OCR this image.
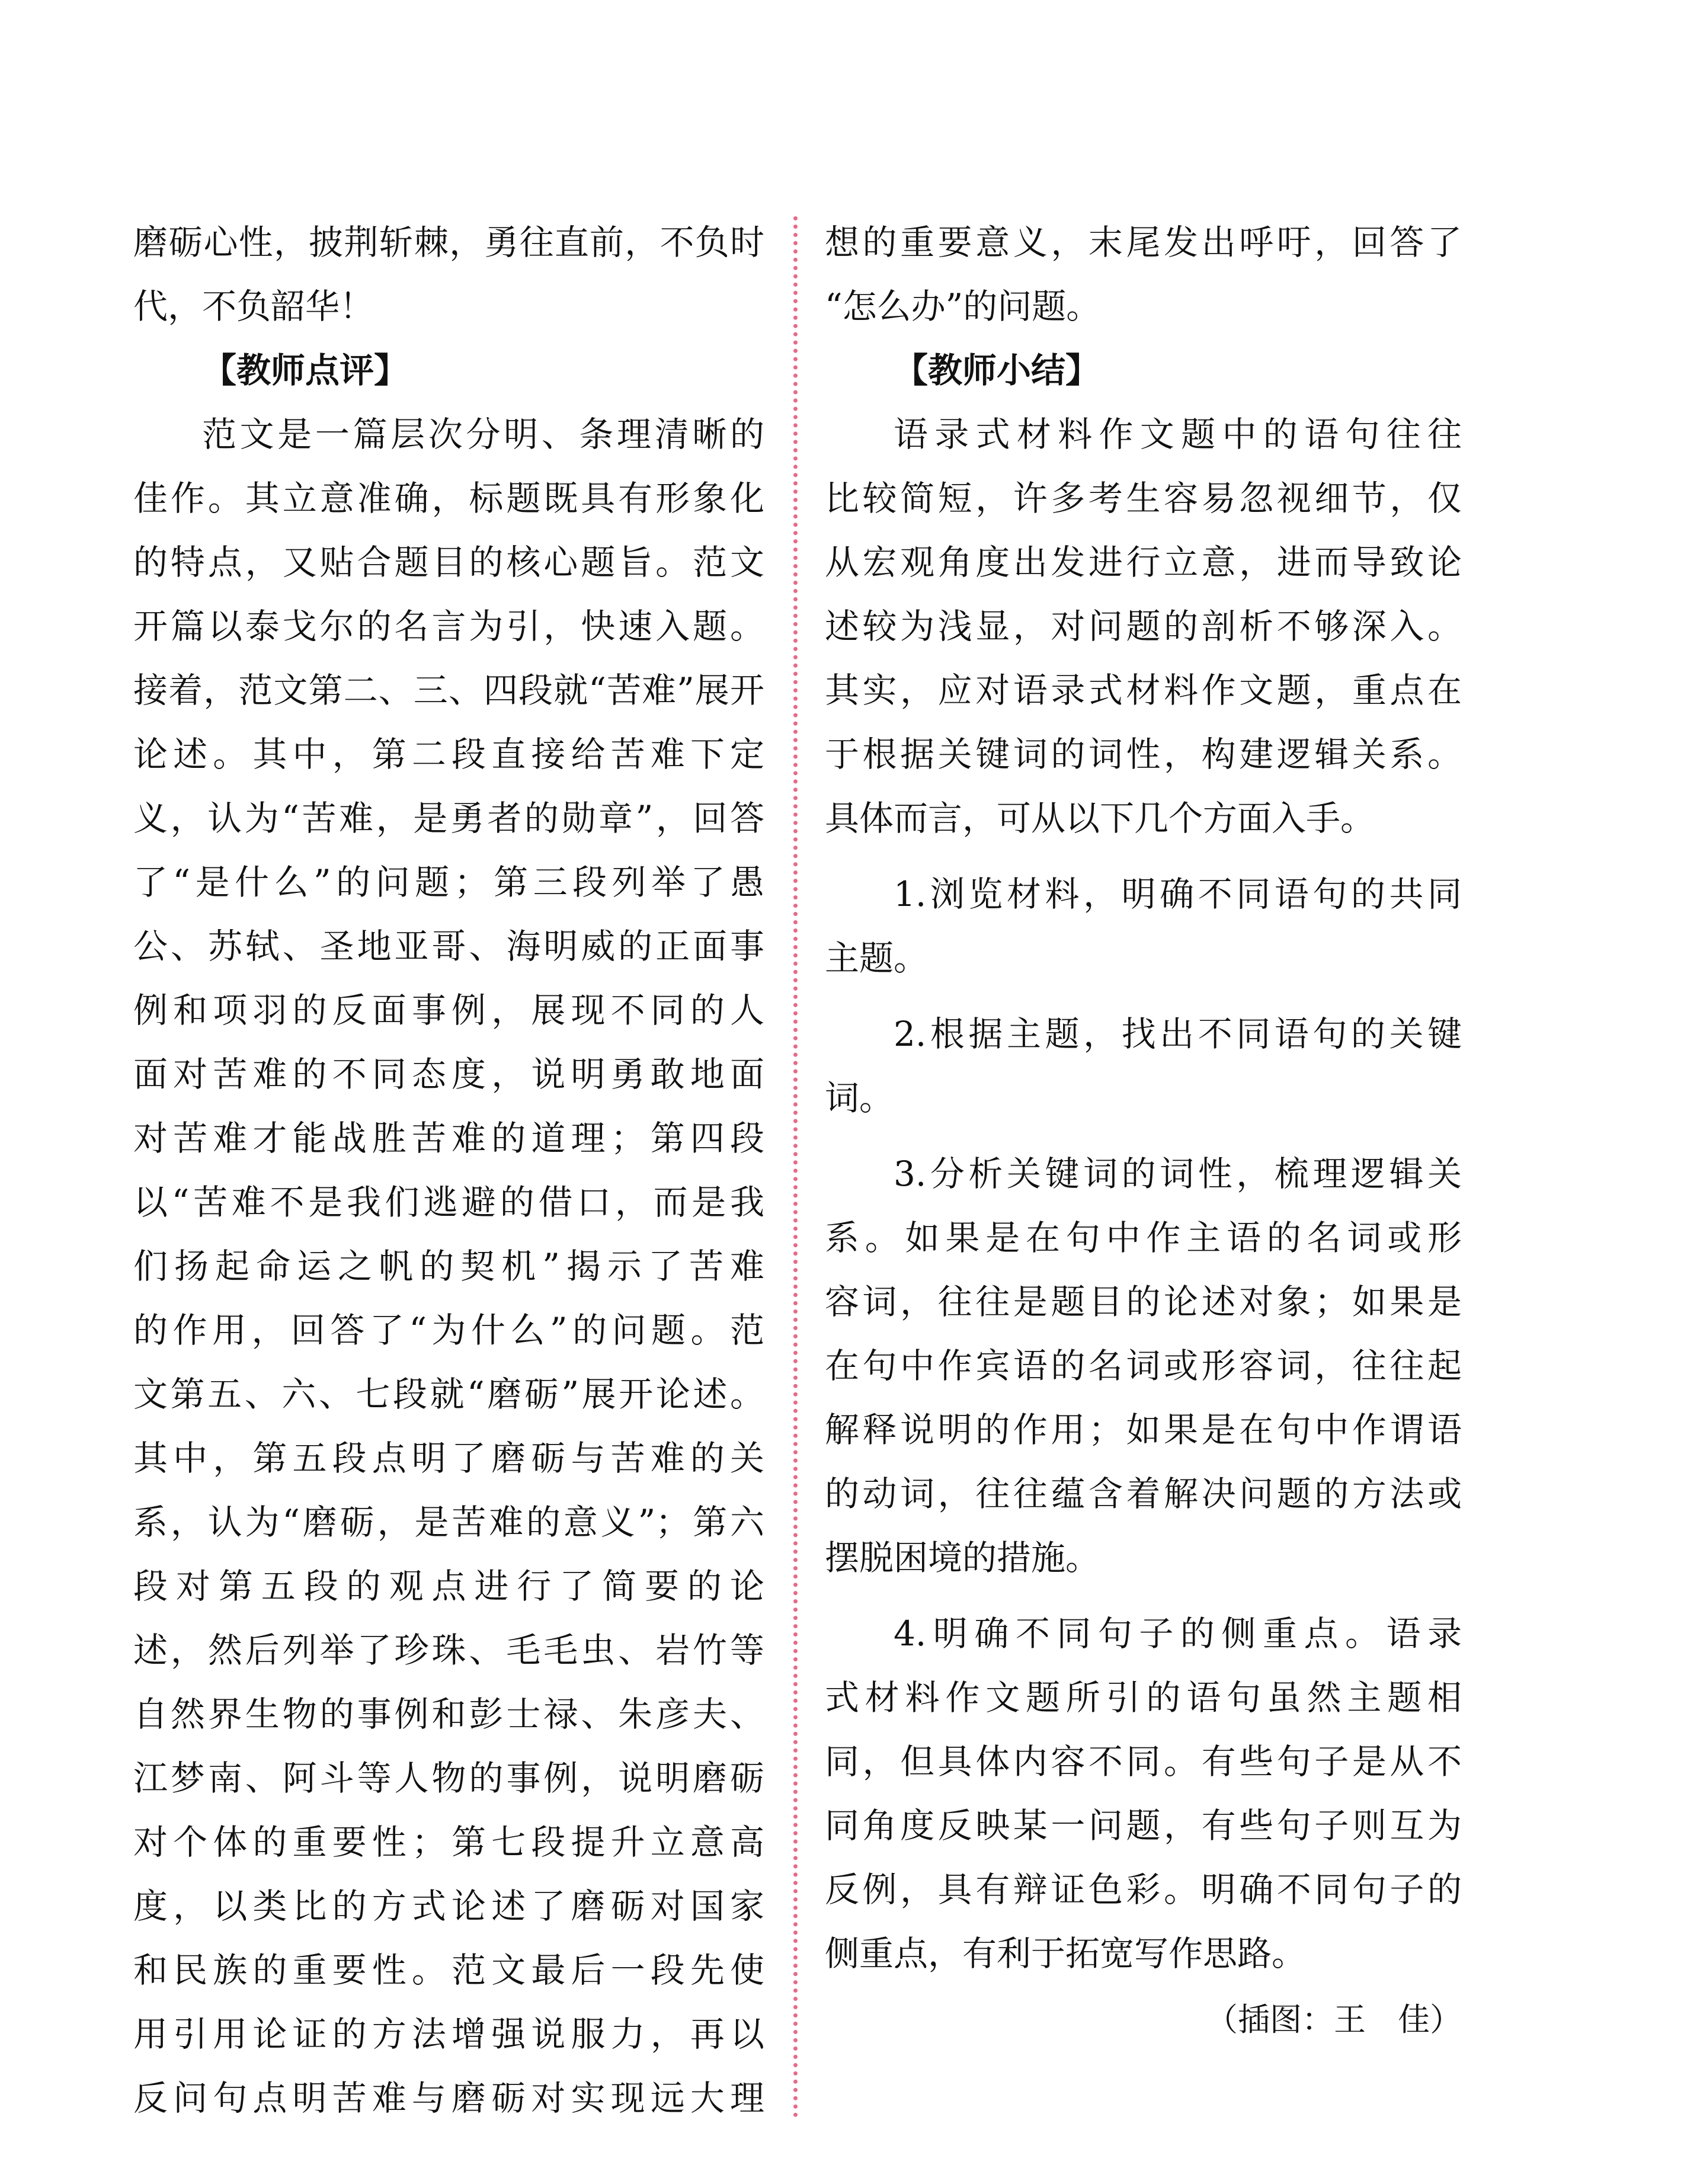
磨砺心性，披荆斩棘，勇往直前，不负时
代，不负韶华！
【教师点评】
范文是一篇层次分明、条理清晰的
佳作。其立意准确，标题既具有形象化
的特点，又贴合题目的核心题旨。范文
开篇以泰戈尔的名言为引，快速入题。
接着，范文第二、三、四段就“苦难”展开
论述。其中，第二段直接给苦难下定
义，认为“苦难，是勇者的勋章”，回答
了“是什么”的问题；第三段列举了愚
公、苏轼、圣地亚哥、海明威的正面事
例和项羽的反面事例，展现不同的人
面对苦难的不同态度，说明勇敢地面
对苦难才能战胜苦难的道理；第四段
以“苦难不是我们逃避的借口，而是我
们扬起命运之帆的契机”揭示了苦难
的作用，回答了“为什么”的问题。范
文第五、六、七段就“磨砺”展开论述。
其中，第五段点明了磨砺与苦难的关
系，认为“磨砺，是苦难的意义”；第六
段对第五段的观点进行了简要的论
述，然后列举了珍珠、毛毛虫、岩竹等
自然界生物的事例和彭士禄、朱彦夫、
江梦南、阿斗等人物的事例，说明磨砺
对个体的重要性；第七段提升立意高
度，以类比的方式论述了磨砺对国家
和民族的重要性。范文最后一段先使
用引用论证的方法增强说服力，再以
反问句点明苦难与磨砺对实现远大理
想的重要意义，末尾发出呼吁，回答了
“怎么办”的问题。
【教师小结】
语录式材料作文题中的语句往往
比较简短，许多考生容易忽视细节，仅
从宏观角度出发进行立意，进而导致论
述较为浅显，对问题的剖析不够深入。
其实，应对语录式材料作文题，重点在
于根据关键词的词性，构建逻辑关系。
具体而言，可从以下几个方面入手。
1.浏览材料，明确不同语句的共同
主题。
2.根据主题，找出不同语句的关键
词。
3.分析关键词的词性，梳理逻辑关
系。如果是在句中作主语的名词或形
容词，往往是题目的论述对象；如果是
在句中作宾语的名词或形容词，往往起
解释说明的作用；如果是在句中作谓语
的动词，往往蕴含着解决问题的方法或
摆脱困境的措施。
4.明确不同句子的侧重点。语录
式材料作文题所引的语句虽然主题相
同，但具体内容不同。有些句子是从不
同角度反映某一问题，有些句子则互为
反例，具有辩证色彩。明确不同句子的
侧重点，有利于拓宽写作思路。
（插图：王　佳）
